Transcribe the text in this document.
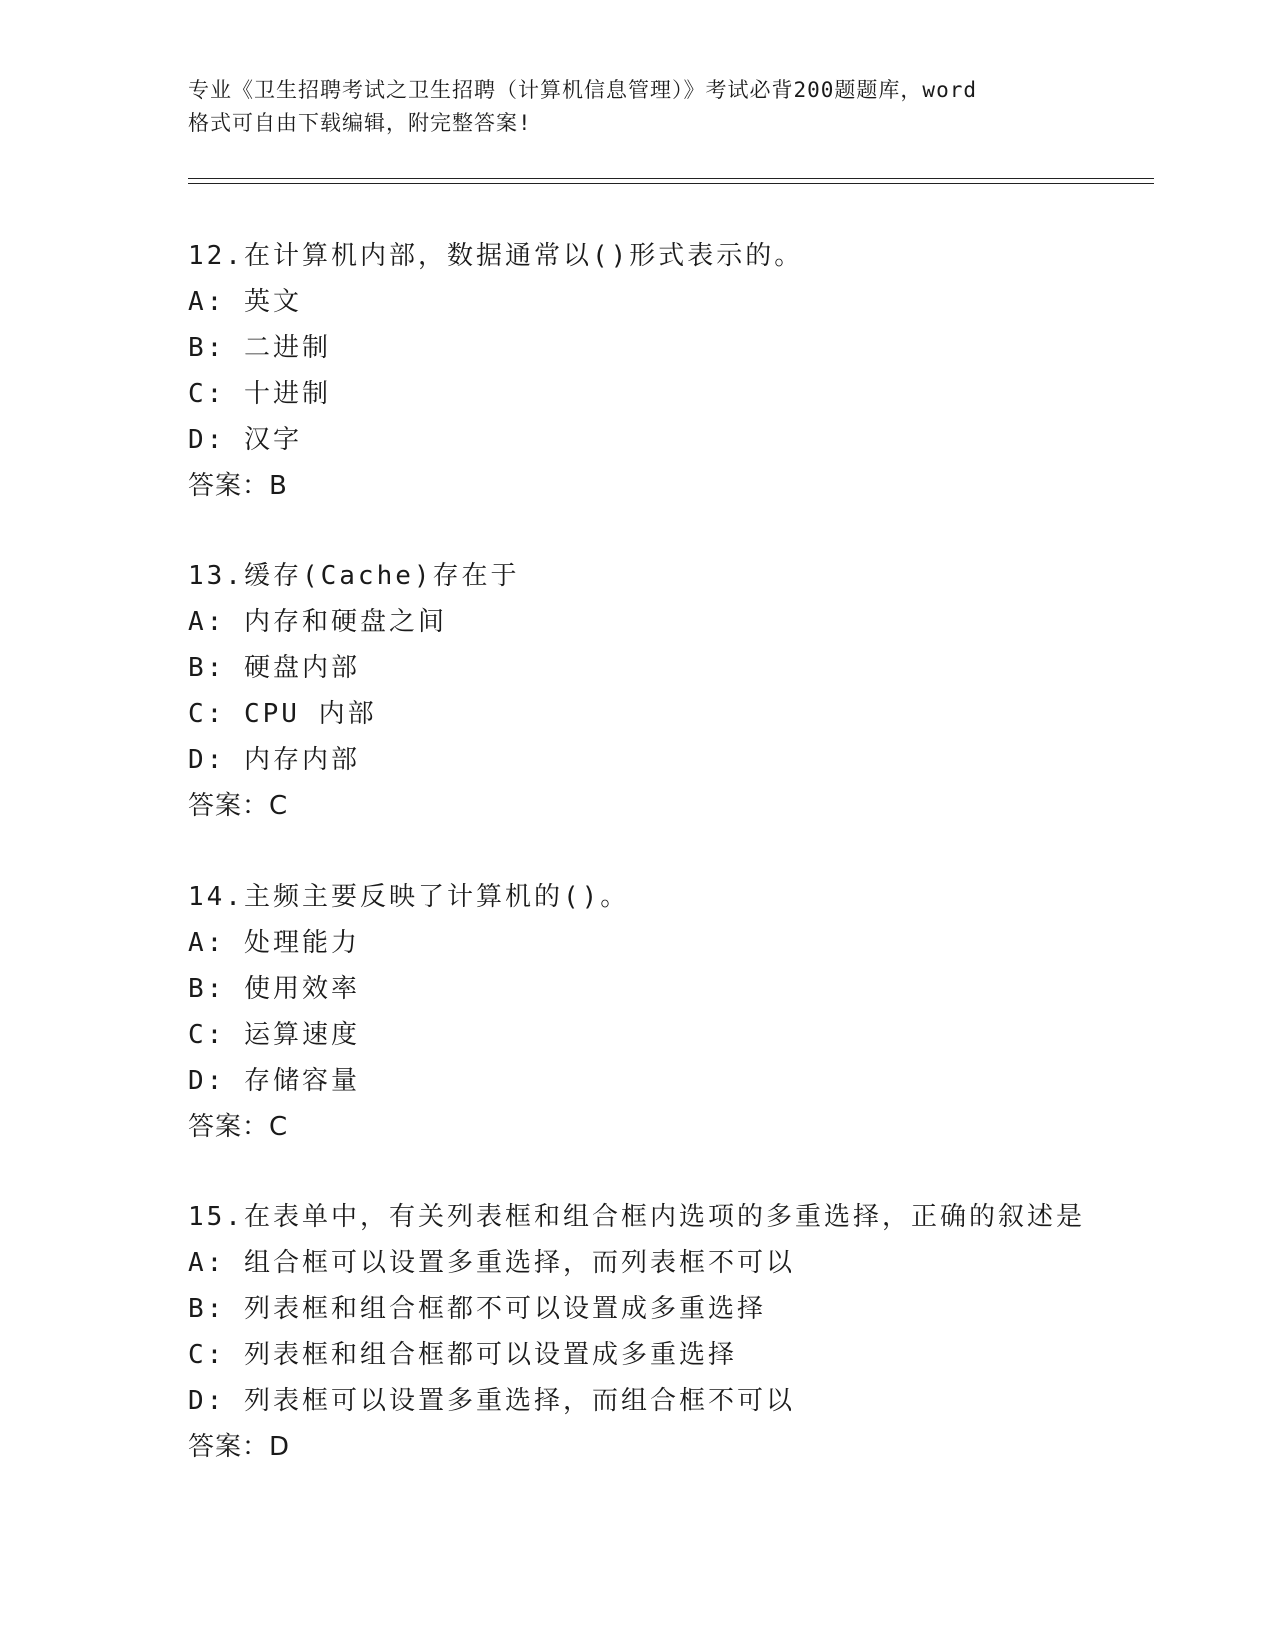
专业《卫生招聘考试之卫生招聘（计算机信息管理）》考试必背200题题库，word
格式可自由下载编辑，附完整答案!
12.在计算机内部，数据通常以()形式表示的。
A: 英文
B: 二进制
C: 十进制
D: 汉字
答案：B
13.缓存(Cache)存在于
A: 内存和硬盘之间
B: 硬盘内部
C: CPU 内部
D: 内存内部
答案：C
14.主频主要反映了计算机的()。
A: 处理能力
B: 使用效率
C: 运算速度
D: 存储容量
答案：C
15.在表单中，有关列表框和组合框内选项的多重选择，正确的叙述是
A: 组合框可以设置多重选择，而列表框不可以
B: 列表框和组合框都不可以设置成多重选择
C: 列表框和组合框都可以设置成多重选择
D: 列表框可以设置多重选择，而组合框不可以
答案：D
